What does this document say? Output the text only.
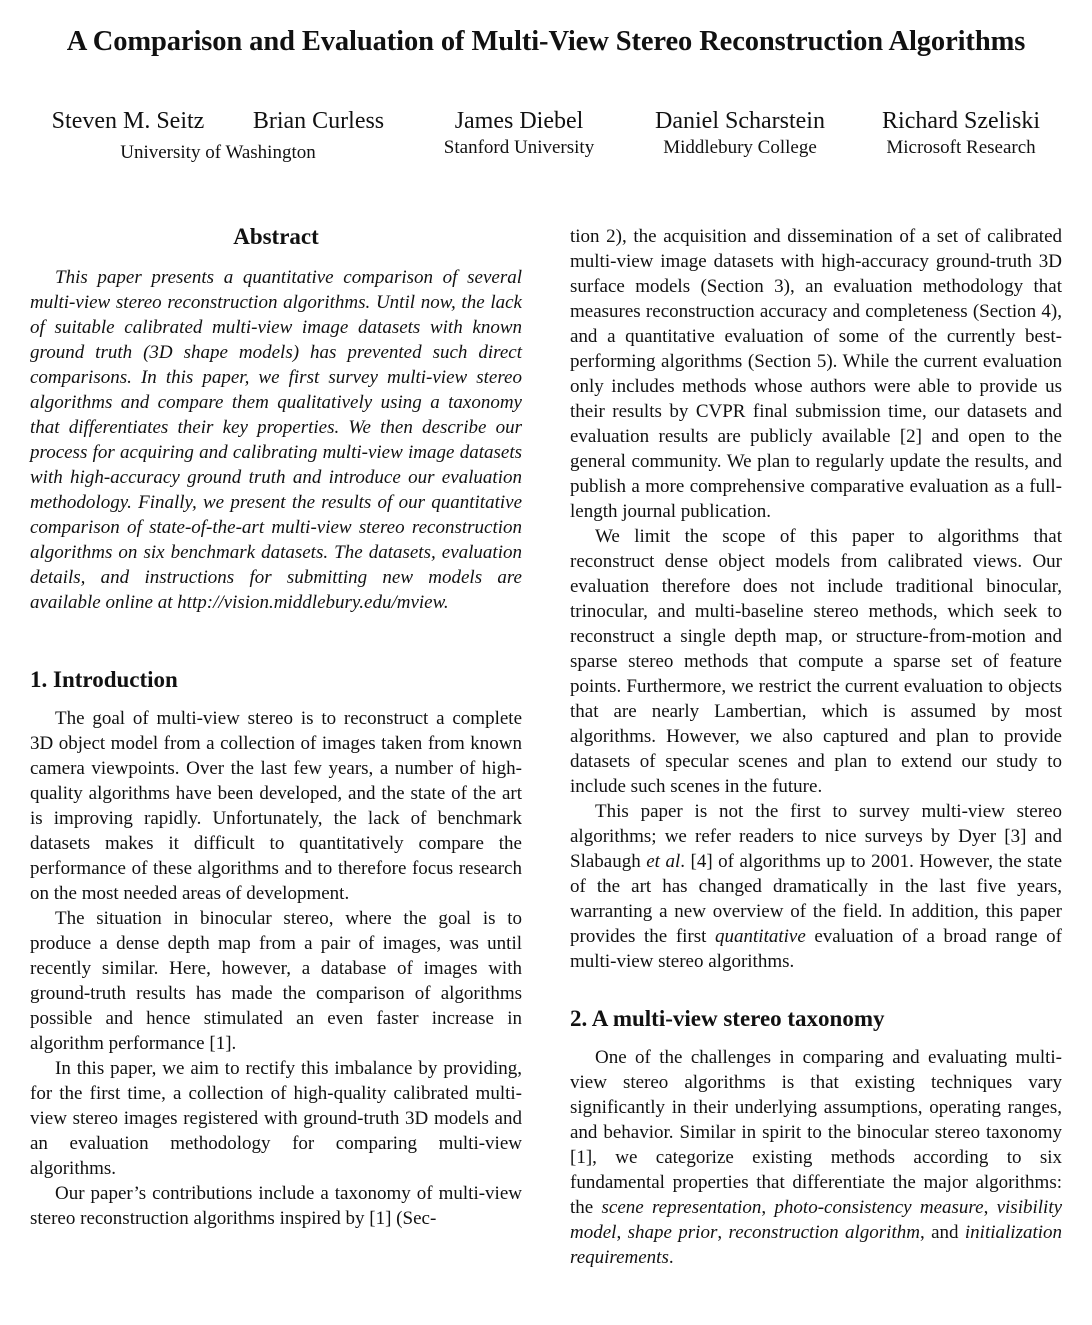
A Comparison and Evaluation of Multi-View Stereo Reconstruction Algorithms
Steven M. Seitz Brian Curless
University of Washington
James Diebel
Stanford University
Daniel Scharstein
Middlebury College
Richard Szeliski
Microsoft Research
Abstract

This paper presents a quantitative comparison of several multi-view stereo reconstruction algorithms. Until now, the lack of suitable calibrated multi-view image datasets with known ground truth (3D shape models) has prevented such direct comparisons. In this paper, we first survey multi-view stereo algorithms and compare them qualitatively using a taxonomy that differentiates their key properties. We then describe our process for acquiring and calibrating multi-view image datasets with high-accuracy ground truth and introduce our evaluation methodology. Finally, we present the results of our quantitative comparison of state-of-the-art multi-view stereo reconstruction algorithms on six benchmark datasets. The datasets, evaluation details, and instructions for submitting new models are available online at http://vision.middlebury.edu/mview.

1. Introduction

The goal of multi-view stereo is to reconstruct a complete 3D object model from a collection of images taken from known camera viewpoints. Over the last few years, a number of high-quality algorithms have been developed, and the state of the art is improving rapidly. Unfortunately, the lack of benchmark datasets makes it difficult to quantitatively compare the performance of these algorithms and to therefore focus research on the most needed areas of development.

The situation in binocular stereo, where the goal is to produce a dense depth map from a pair of images, was until recently similar. Here, however, a database of images with ground-truth results has made the comparison of algorithms possible and hence stimulated an even faster increase in algorithm performance [1].

In this paper, we aim to rectify this imbalance by providing, for the first time, a collection of high-quality calibrated multi-view stereo images registered with ground-truth 3D models and an evaluation methodology for comparing multi-view algorithms.

Our paper’s contributions include a taxonomy of multi-view stereo reconstruction algorithms inspired by [1] (Sec-

tion 2), the acquisition and dissemination of a set of calibrated multi-view image datasets with high-accuracy ground-truth 3D surface models (Section 3), an evaluation methodology that measures reconstruction accuracy and completeness (Section 4), and a quantitative evaluation of some of the currently best-performing algorithms (Section 5). While the current evaluation only includes methods whose authors were able to provide us their results by CVPR final submission time, our datasets and evaluation results are publicly available [2] and open to the general community. We plan to regularly update the results, and publish a more comprehensive comparative evaluation as a full-length journal publication.

We limit the scope of this paper to algorithms that reconstruct dense object models from calibrated views. Our evaluation therefore does not include traditional binocular, trinocular, and multi-baseline stereo methods, which seek to reconstruct a single depth map, or structure-from-motion and sparse stereo methods that compute a sparse set of feature points. Furthermore, we restrict the current evaluation to objects that are nearly Lambertian, which is assumed by most algorithms. However, we also captured and plan to provide datasets of specular scenes and plan to extend our study to include such scenes in the future.

This paper is not the first to survey multi-view stereo algorithms; we refer readers to nice surveys by Dyer [3] and Slabaugh et al. [4] of algorithms up to 2001. However, the state of the art has changed dramatically in the last five years, warranting a new overview of the field. In addition, this paper provides the first quantitative evaluation of a broad range of multi-view stereo algorithms.

2. A multi-view stereo taxonomy

One of the challenges in comparing and evaluating multi-view stereo algorithms is that existing techniques vary significantly in their underlying assumptions, operating ranges, and behavior. Similar in spirit to the binocular stereo taxonomy [1], we categorize existing methods according to six fundamental properties that differentiate the major algorithms: the scene representation, photo-consistency measure, visibility model, shape prior, reconstruction algorithm, and initialization requirements.
